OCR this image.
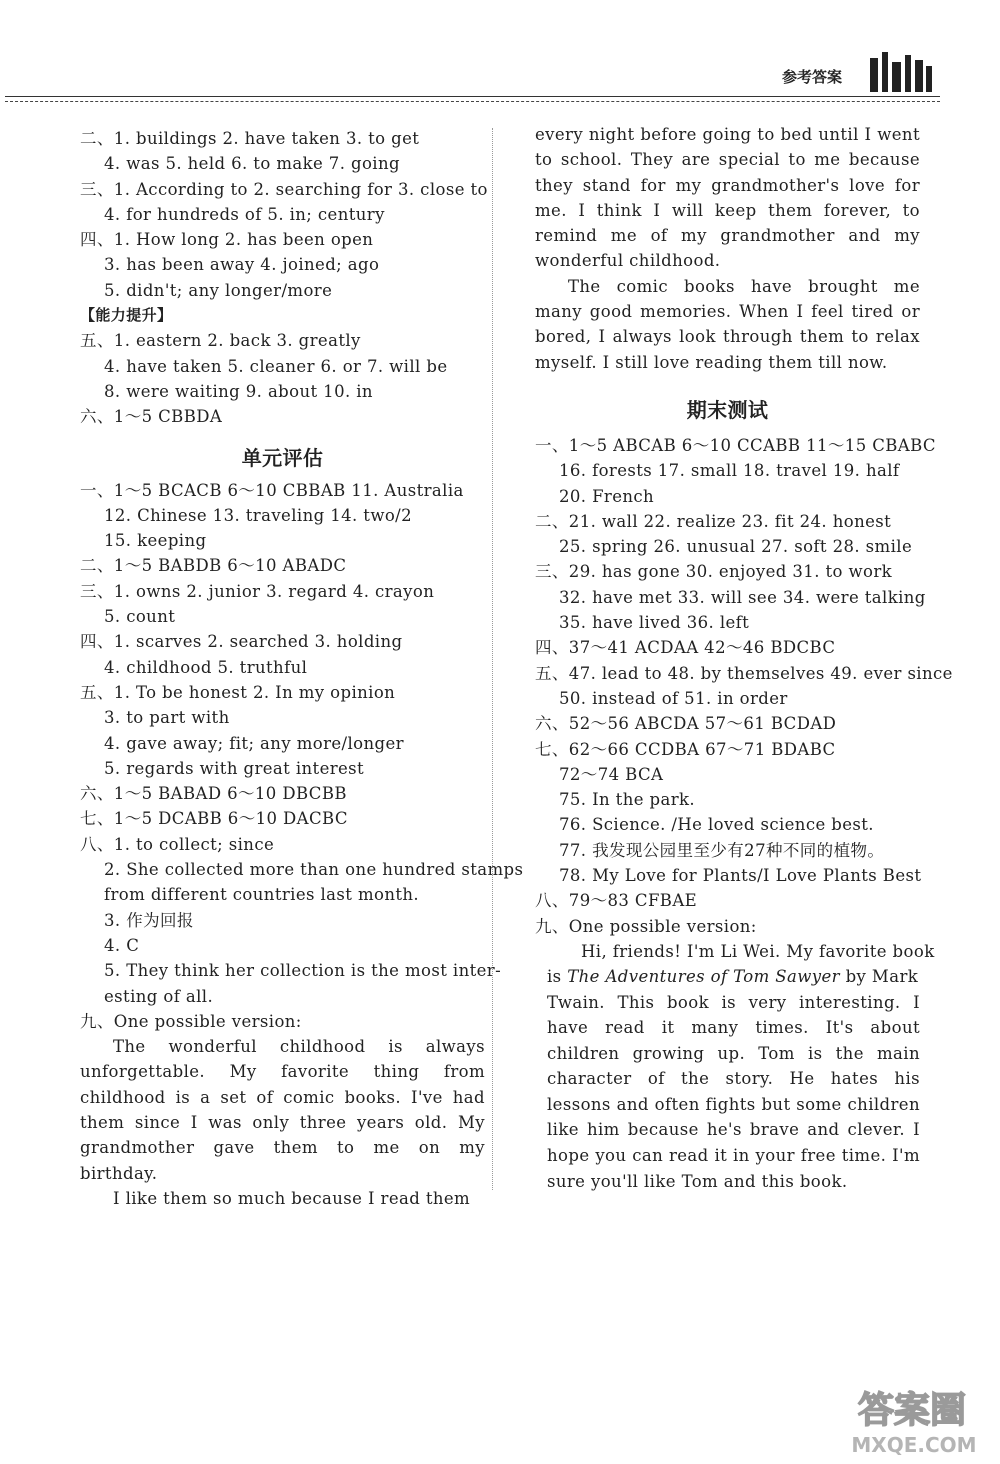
参考答案
二、1. buildings 2. have taken 3. to get
4. was 5. held 6. to make 7. going
三、1. According to 2. searching for 3. close to
4. for hundreds of 5. in; century
四、1. How long 2. has been open
3. has been away 4. joined; ago
5. didn't; any longer/more
【能力提升】
五、1. eastern 2. back 3. greatly
4. have taken 5. cleaner 6. or 7. will be
8. were waiting 9. about 10. in
六、1～5 CBBDA
单元评估
一、1～5 BCACB 6～10 CBBAB 11. Australia
12. Chinese 13. traveling 14. two/2
15. keeping
二、1～5 BABDB 6～10 ABADC
三、1. owns 2. junior 3. regard 4. crayon
5. count
四、1. scarves 2. searched 3. holding
4. childhood 5. truthful
五、1. To be honest 2. In my opinion
3. to part with
4. gave away; fit; any more/longer
5. regards with great interest
六、1～5 BABAD 6～10 DBCBB
七、1～5 DCABB 6～10 DACBC
八、1. to collect; since
2. She collected more than one hundred stamps
from different countries last month.
3. 作为回报
4. C
5. They think her collection is the most inter-
esting of all.
九、One possible version:
The wonderful childhood is always unforgettable. My favorite thing from childhood is a set of comic books. I've had them since I was only three years old. My grandmother gave them to me on my birthday.
I like them so much because I read them
every night before going to bed until I went to school. They are special to me because they stand for my grandmother's love for me. I think I will keep them forever, to remind me of my grandmother and my wonderful childhood.
The comic books have brought me many good memories. When I feel tired or bored, I always look through them to relax myself. I still love reading them till now.
期末测试
一、1～5 ABCAB 6～10 CCABB 11～15 CBABC
16. forests 17. small 18. travel 19. half
20. French
二、21. wall 22. realize 23. fit 24. honest
25. spring 26. unusual 27. soft 28. smile
三、29. has gone 30. enjoyed 31. to work
32. have met 33. will see 34. were talking
35. have lived 36. left
四、37～41 ACDAA 42～46 BDCBC
五、47. lead to 48. by themselves 49. ever since
50. instead of 51. in order
六、52～56 ABCDA 57～61 BCDAD
七、62～66 CCDBA 67～71 BDABC
72～74 BCA
75. In the park.
76. Science. /He loved science best.
77. 我发现公园里至少有27种不同的植物。
78. My Love for Plants/I Love Plants Best
八、79～83 CFBAE
九、One possible version:
Hi, friends! I'm Li Wei. My favorite book
is The Adventures of Tom Sawyer by Mark
Twain. This book is very interesting. I have read it many times. It's about children growing up. Tom is the main character of the story. He hates his lessons and often fights but some children like him because he's brave and clever. I hope you can read it in your free time. I'm sure you'll like Tom and this book.
答案圈
MXQE.COM
